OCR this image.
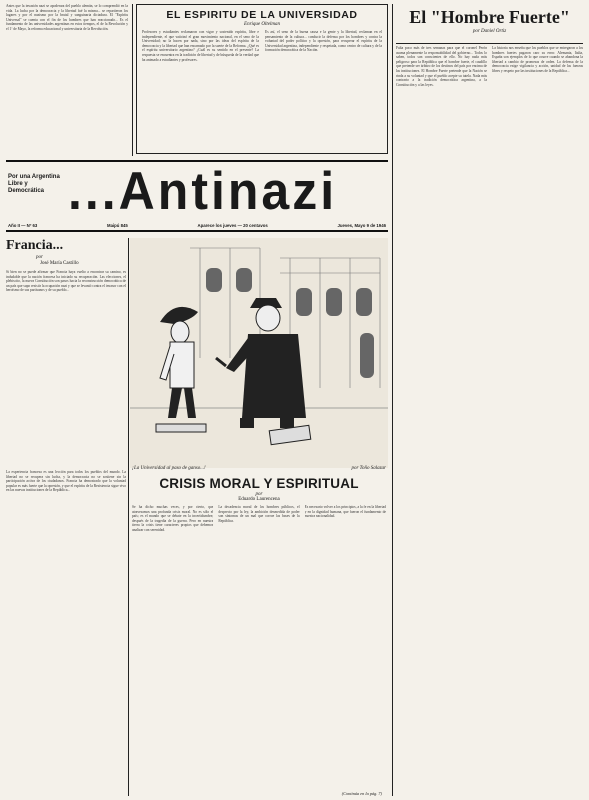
Antes que la invasión nazi se apoderara del pueblo alemán, se lo comprendió en la vida. La lucha por la democracia y la libertad fué la misma... se repartieron los lugares y por el nazismo por la brutal y sanguinaria dictadura. El "Espíritu Universal" se cuenta con el fin de los hombres que han reaccionado... Es el fundamento de las universidades argentinas en estos tiempos, el de la Revolución y el 1º de Mayo, la reforma educacional y universitaria de la Revolución.

EL ESPIRITU DE LA UNIVERSIDAD
Enrique Oltelman

Profesores y estudiantes reclamaron con vigor y sostenido espíritu, libre e independiente, el que vaticinó el gran movimiento nacional, en el seno de la Universidad; no la hacen por nada, sino por las ideas del espíritu de la democracia y la libertad que han encarnado por la suerte de la Reforma. ¿Qué es el espíritu universitario argentino? ¿Cuál es su sentido en el presente? La respuesta se encuentra en la tradición de libertad y de búsqueda de la verdad que ha animado a estudiantes y profesores.

Es así, el seno de la buena causa e la gente y la libertad, reclaman en el pensamiento de la cultura... conducir la defensa por los hombres y contra la voluntad del poder político y la opresión, para recuperar el espíritu de la Universidad argentina, independiente y respetada, como centro de cultura y de la formación democrática de la Nación.

El "Hombre Fuerte"
por Daniel Ortiz
Por una Argentina Libre y Democrática ...Antinazi
Año II — Nº 63	Maipú 845	Aparece los jueves — 20 centavos	Jueves, Mayo 9 de 1946
Francia...
por
José María Castillo

Si bien no se puede afirmar que Francia haya vuelto a encontrar su camino, es indudable que la nación francesa ha iniciado su recuperación. Las elecciones, el plebiscito, la nueva Constitución son pasos hacia la reconstrucción democrática de un país que supo resistir la ocupación nazi y que se levantó contra el invasor con el heroísmo de sus partisanos y de su pueblo...

La experiencia francesa es una lección para todos los pueblos del mundo. La libertad no se recupera sin lucha, y la democracia no se sostiene sin la participación activa de los ciudadanos. Francia ha demostrado que la voluntad popular es más fuerte que la opresión, y que el espíritu de la Resistencia sigue vivo en las nuevas instituciones de la República...

¡La Universidad al paso de ganso...!	por Toño Salazar
CRISIS MORAL Y ESPIRITUAL
por
Eduardo Laurencena

Se ha dicho muchas veces, y por cierto, que atravesamos una profunda crisis moral. No es sólo el país; es el mundo que se debate en la incertidumbre, después de la tragedia de la guerra. Pero en nuestra tierra la crisis tiene caracteres propios que debemos analizar con serenidad.

La decadencia moral de los hombres públicos, el desprecio por la ley, la ambición desmedida de poder son síntomas de un mal que corroe las bases de la República.

Es necesario volver a los principios, a la fe en la libertad y en la dignidad humana, que fueron el fundamento de nuestra nacionalidad.

(Continúa en la pág. 7)

Falta poco más de tres semanas para que el coronel Perón asuma plenamente la responsabilidad del gobierno... Todos lo saben, todos son conscientes de ello. No hay nada más peligroso para la República que el hombre fuerte, el caudillo que pretende ser árbitro de los destinos del país por encima de las instituciones. El Hombre Fuerte pretende que la Nación se rinda a su voluntad y que el pueblo acepte su tutela. Nada más contrario a la tradición democrática argentina, a la Constitución y a las leyes.

La historia nos enseña que los pueblos que se entregaron a los hombres fuertes pagaron caro su error. Alemania, Italia, España son ejemplos de lo que ocurre cuando se abandona la libertad a cambio de promesas de orden. La defensa de la democracia exige vigilancia y acción, unidad de las fuerzas libres y respeto por las instituciones de la República...
